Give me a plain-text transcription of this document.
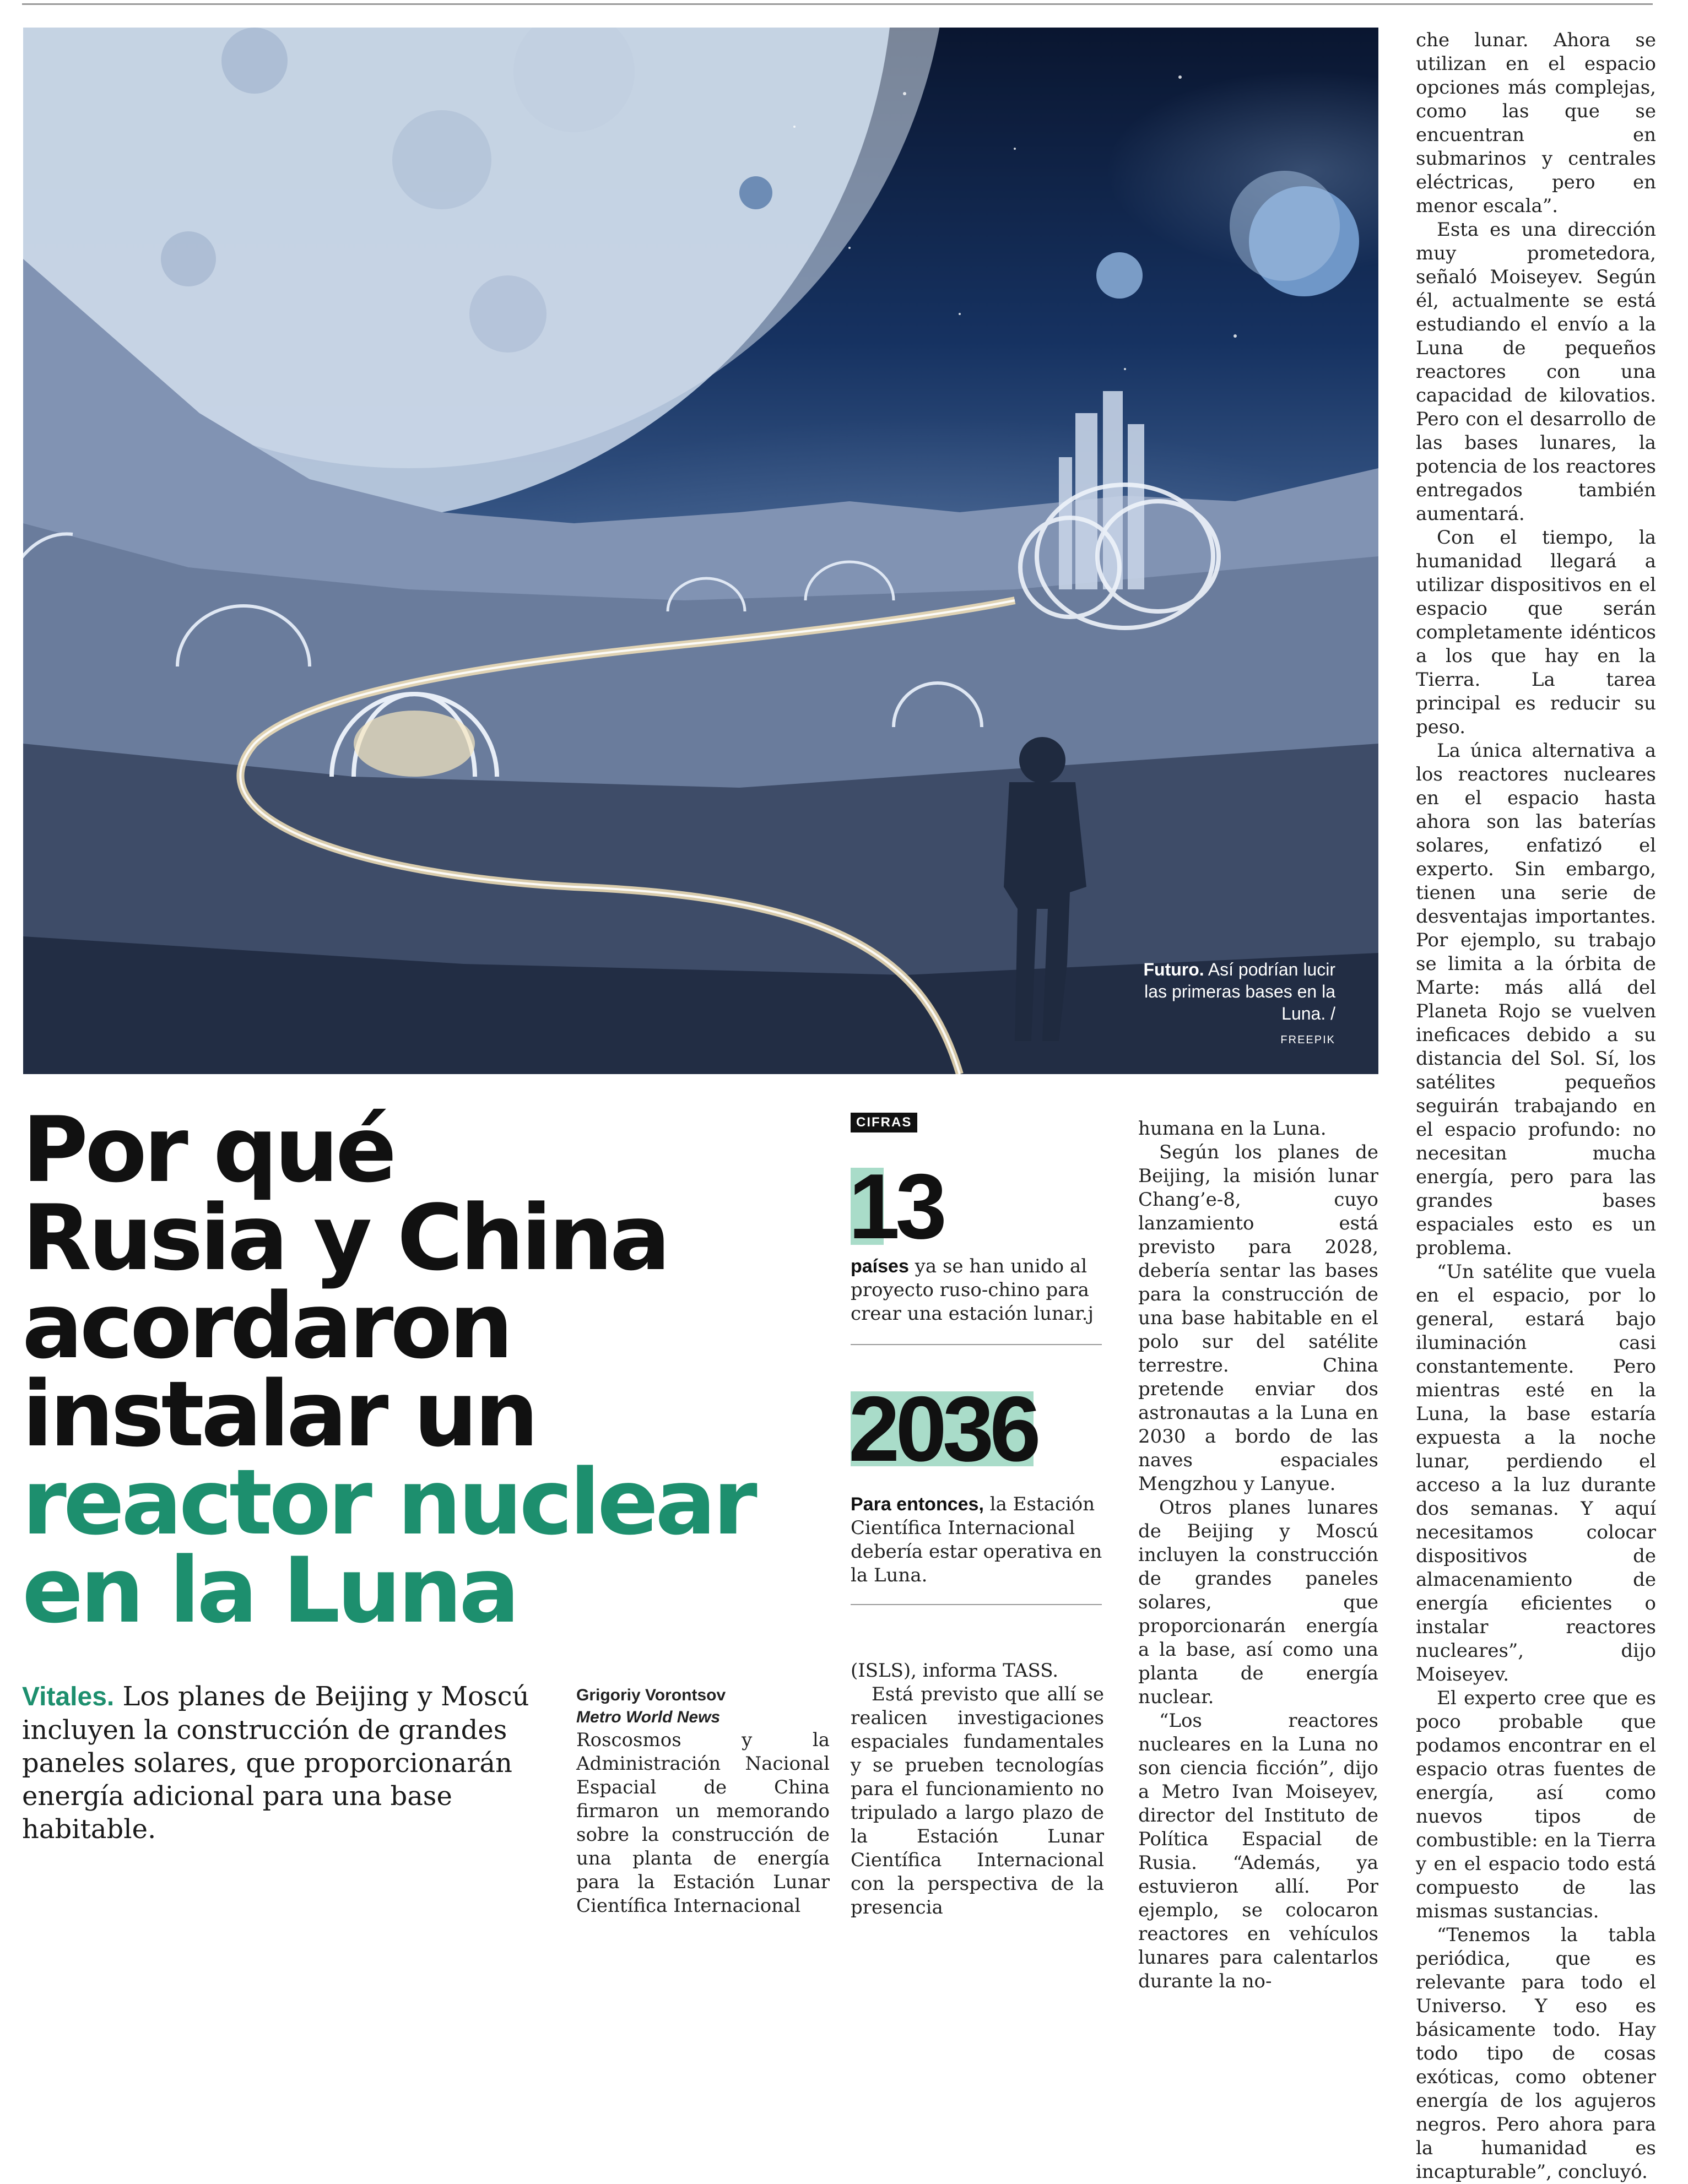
Futuro. Así podrían lucir las primeras bases en la Luna. /
FREEPIK
Por qué
Rusia y China
acordaron
instalar un
reactor nuclear
en la Luna

Vitales. Los planes de Beijing y Moscú incluyen la construcción de grandes paneles solares, que proporcionarán energía adicional para una base habitable.

Grigoriy Vorontsov
Metro World News

Roscosmos y la Administración Nacional Espacial de China firmaron un memorando sobre la construcción de una planta de energía para la Estación Lunar Científica Internacional

CIFRAS
13
países ya se han unido al proyecto ruso-chino para crear una estación lunar.j
2036
Para entonces, la Estación Científica Internacional debería estar operativa en la Luna.

(ISLS), informa TASS.

Está previsto que allí se realicen investigaciones espaciales fundamentales y se prueben tecnologías para el funcionamiento no tripulado a largo plazo de la Estación Lunar Científica Internacional con la perspectiva de la presencia

humana en la Luna.

Según los planes de Beijing, la misión lunar Chang’e-8, cuyo lanzamiento está previsto para 2028, debería sentar las bases para la construcción de una base habitable en el polo sur del satélite terrestre. China pretende enviar dos astronautas a la Luna en 2030 a bordo de las naves espaciales Mengzhou y Lanyue.

Otros planes lunares de Beijing y Moscú incluyen la construcción de grandes paneles solares, que proporcionarán energía a la base, así como una planta de energía nuclear.

“Los reactores nucleares en la Luna no son ciencia ficción”, dijo a Metro Ivan Moiseyev, director del Instituto de Política Espacial de Rusia. “Además, ya estuvieron allí. Por ejemplo, se colocaron reactores en vehículos lunares para calentarlos durante la no-

che lunar. Ahora se utilizan en el espacio opciones más complejas, como las que se encuentran en submarinos y centrales eléctricas, pero en menor escala”.

Esta es una dirección muy prometedora, señaló Moiseyev. Según él, actualmente se está estudiando el envío a la Luna de pequeños reactores con una capacidad de kilovatios. Pero con el desarrollo de las bases lunares, la potencia de los reactores entregados también aumentará.

Con el tiempo, la humanidad llegará a utilizar dispositivos en el espacio que serán completamente idénticos a los que hay en la Tierra. La tarea principal es reducir su peso.

La única alternativa a los reactores nucleares en el espacio hasta ahora son las baterías solares, enfatizó el experto. Sin embargo, tienen una serie de desventajas importantes. Por ejemplo, su trabajo se limita a la órbita de Marte: más allá del Planeta Rojo se vuelven ineficaces debido a su distancia del Sol. Sí, los satélites pequeños seguirán trabajando en el espacio profundo: no necesitan mucha energía, pero para las grandes bases espaciales esto es un problema.

“Un satélite que vuela en el espacio, por lo general, estará bajo iluminación casi constantemente. Pero mientras esté en la Luna, la base estaría expuesta a la noche lunar, perdiendo el acceso a la luz durante dos semanas. Y aquí necesitamos colocar dispositivos de almacenamiento de energía eficientes o instalar reactores nucleares”, dijo Moiseyev.

El experto cree que es poco probable que podamos encontrar en el espacio otras fuentes de energía, así como nuevos tipos de combustible: en la Tierra y en el espacio todo está compuesto de las mismas sustancias.

“Tenemos la tabla periódica, que es relevante para todo el Universo. Y eso es básicamente todo. Hay todo tipo de cosas exóticas, como obtener energía de los agujeros negros. Pero ahora para la humanidad es incapturable”, concluyó.
